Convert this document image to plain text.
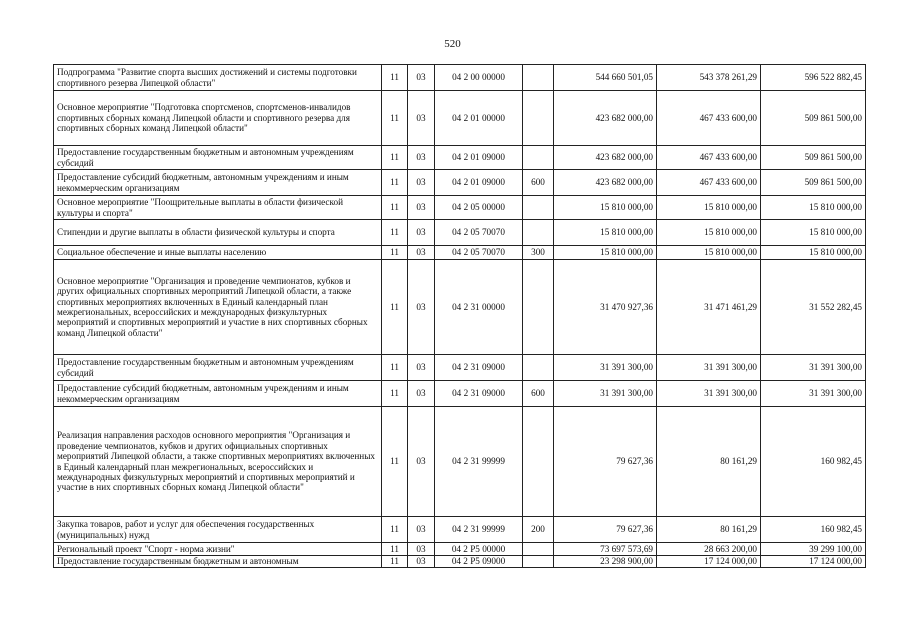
520
Подпрограмма "Развитие спорта высших достижений и системы подготовки спортивного резерва Липецкой области"	11	03	04 2 00 00000		544 660 501,05	543 378 261,29	596 522 882,45
Основное мероприятие "Подготовка спортсменов, спортсменов-инвалидов спортивных сборных команд Липецкой области и спортивного резерва для спортивных сборных команд Липецкой области"	11	03	04 2 01 00000		423 682 000,00	467 433 600,00	509 861 500,00
Предоставление государственным бюджетным и автономным учреждениям субсидий	11	03	04 2 01 09000		423 682 000,00	467 433 600,00	509 861 500,00
Предоставление субсидий бюджетным, автономным учреждениям и иным некоммерческим организациям	11	03	04 2 01 09000	600	423 682 000,00	467 433 600,00	509 861 500,00
Основное мероприятие "Поощрительные выплаты в области физической культуры и спорта"	11	03	04 2 05 00000		15 810 000,00	15 810 000,00	15 810 000,00
Стипендии и другие выплаты в области физической культуры и спорта	11	03	04 2 05 70070		15 810 000,00	15 810 000,00	15 810 000,00
Социальное обеспечение и иные выплаты населению	11	03	04 2 05 70070	300	15 810 000,00	15 810 000,00	15 810 000,00
Основное мероприятие "Организация и проведение чемпионатов, кубков и других официальных спортивных мероприятий Липецкой области, а также спортивных мероприятиях включенных в Единый календарный план межрегиональных, всероссийских и международных физкультурных мероприятий и спортивных мероприятий и участие в них спортивных сборных команд Липецкой области"	11	03	04 2 31 00000		31 470 927,36	31 471 461,29	31 552 282,45
Предоставление государственным бюджетным и автономным учреждениям субсидий	11	03	04 2 31 09000		31 391 300,00	31 391 300,00	31 391 300,00
Предоставление субсидий бюджетным, автономным учреждениям и иным некоммерческим организациям	11	03	04 2 31 09000	600	31 391 300,00	31 391 300,00	31 391 300,00
Реализация направления расходов основного мероприятия "Организация и проведение чемпионатов, кубков и других официальных спортивных мероприятий Липецкой области, а также спортивных мероприятиях включенных в Единый календарный план межрегиональных, всероссийских и международных физкультурных мероприятий и спортивных мероприятий и участие в них спортивных сборных команд Липецкой области"	11	03	04 2 31 99999		79 627,36	80 161,29	160 982,45
Закупка товаров, работ и услуг для обеспечения государственных (муниципальных) нужд	11	03	04 2 31 99999	200	79 627,36	80 161,29	160 982,45
Региональный проект "Спорт - норма жизни"	11	03	04 2 P5 00000		73 697 573,69	28 663 200,00	39 299 100,00
Предоставление государственным бюджетным и автономным	11	03	04 2 P5 09000		23 298 900,00	17 124 000,00	17 124 000,00
